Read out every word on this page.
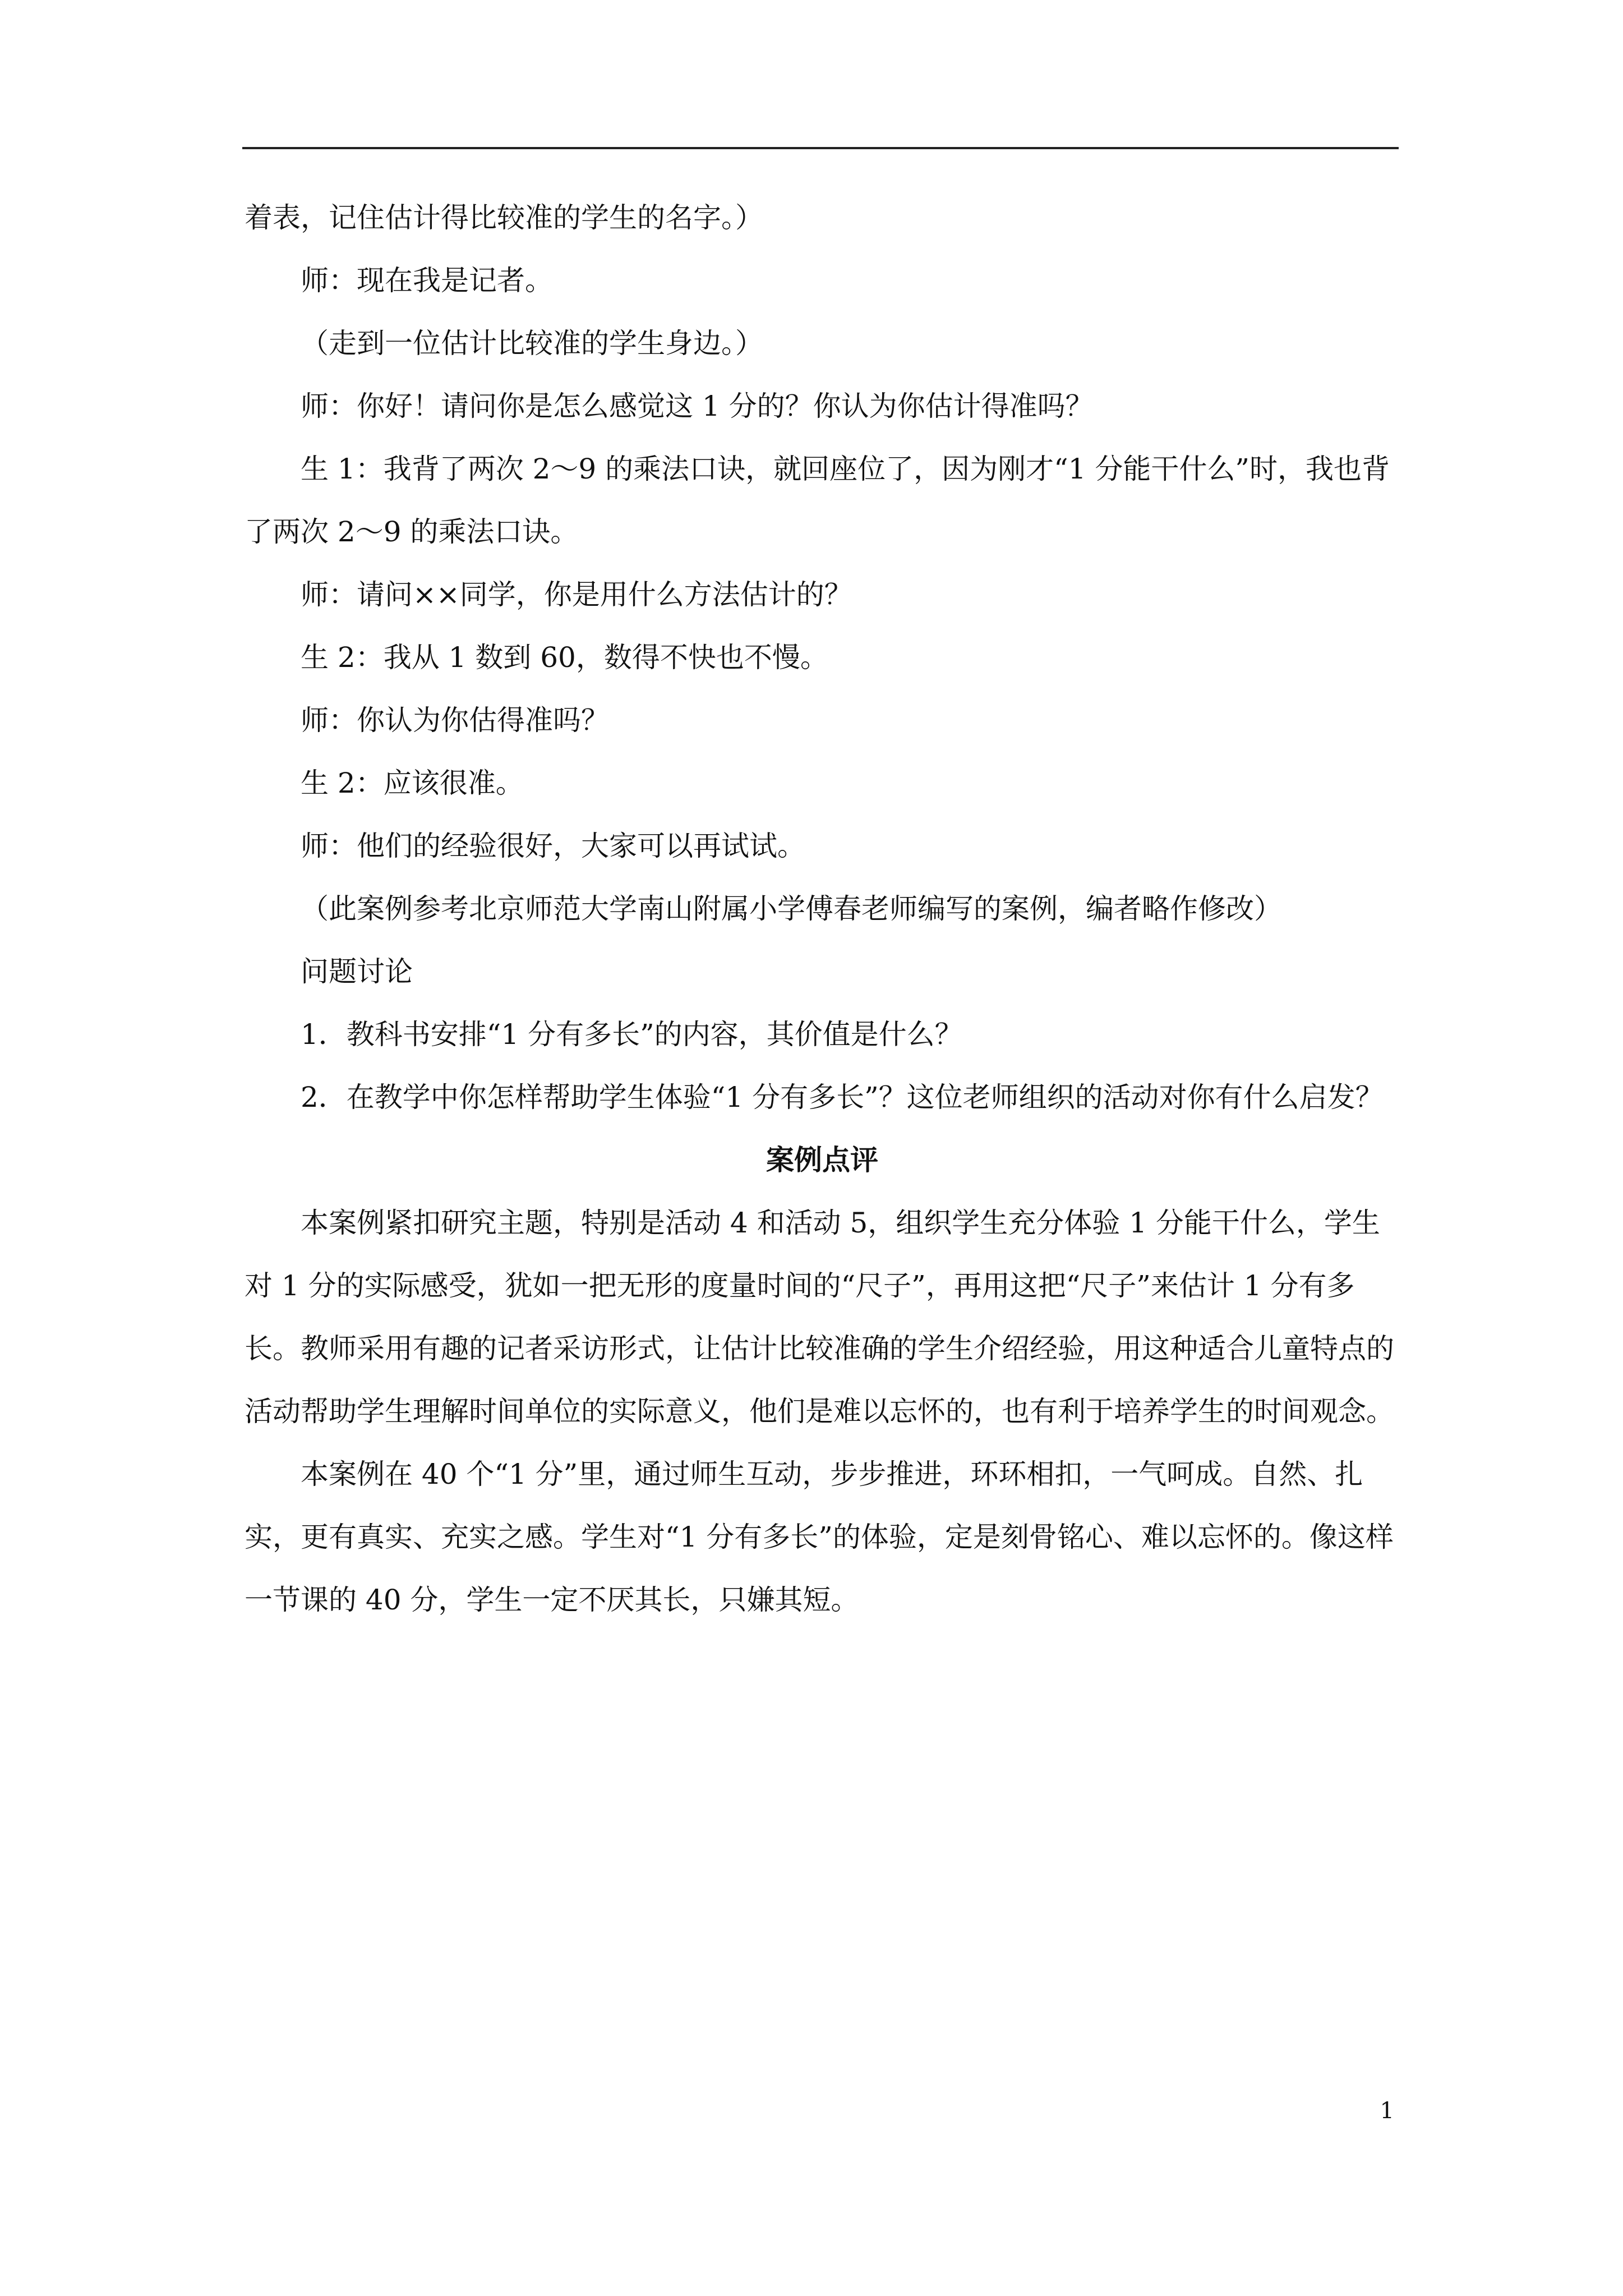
着表，记住估计得比较准的学生的名字。）

师：现在我是记者。

（走到一位估计比较准的学生身边。）

师：你好！请问你是怎么感觉这 1 分的？你认为你估计得准吗？

生 1：我背了两次 2～9 的乘法口诀，就回座位了，因为刚才“1 分能干什么”时，我也背了两次 2～9 的乘法口诀。

师：请问××同学，你是用什么方法估计的？

生 2：我从 1 数到 60，数得不快也不慢。

师：你认为你估得准吗？

生 2：应该很准。

师：他们的经验很好，大家可以再试试。

（此案例参考北京师范大学南山附属小学傅春老师编写的案例，编者略作修改）

问题讨论

1．教科书安排“1 分有多长”的内容，其价值是什么？

2．在教学中你怎样帮助学生体验“1 分有多长”？这位老师组织的活动对你有什么启发？

案例点评

本案例紧扣研究主题，特别是活动 4 和活动 5，组织学生充分体验 1 分能干什么，学生对 1 分的实际感受，犹如一把无形的度量时间的“尺子”，再用这把“尺子”来估计 1 分有多长。教师采用有趣的记者采访形式，让估计比较准确的学生介绍经验，用这种适合儿童特点的活动帮助学生理解时间单位的实际意义，他们是难以忘怀的，也有利于培养学生的时间观念。

本案例在 40 个“1 分”里，通过师生互动，步步推进，环环相扣，一气呵成。自然、扎实，更有真实、充实之感。学生对“1 分有多长”的体验，定是刻骨铭心、难以忘怀的。像这样一节课的 40 分，学生一定不厌其长，只嫌其短。

1
